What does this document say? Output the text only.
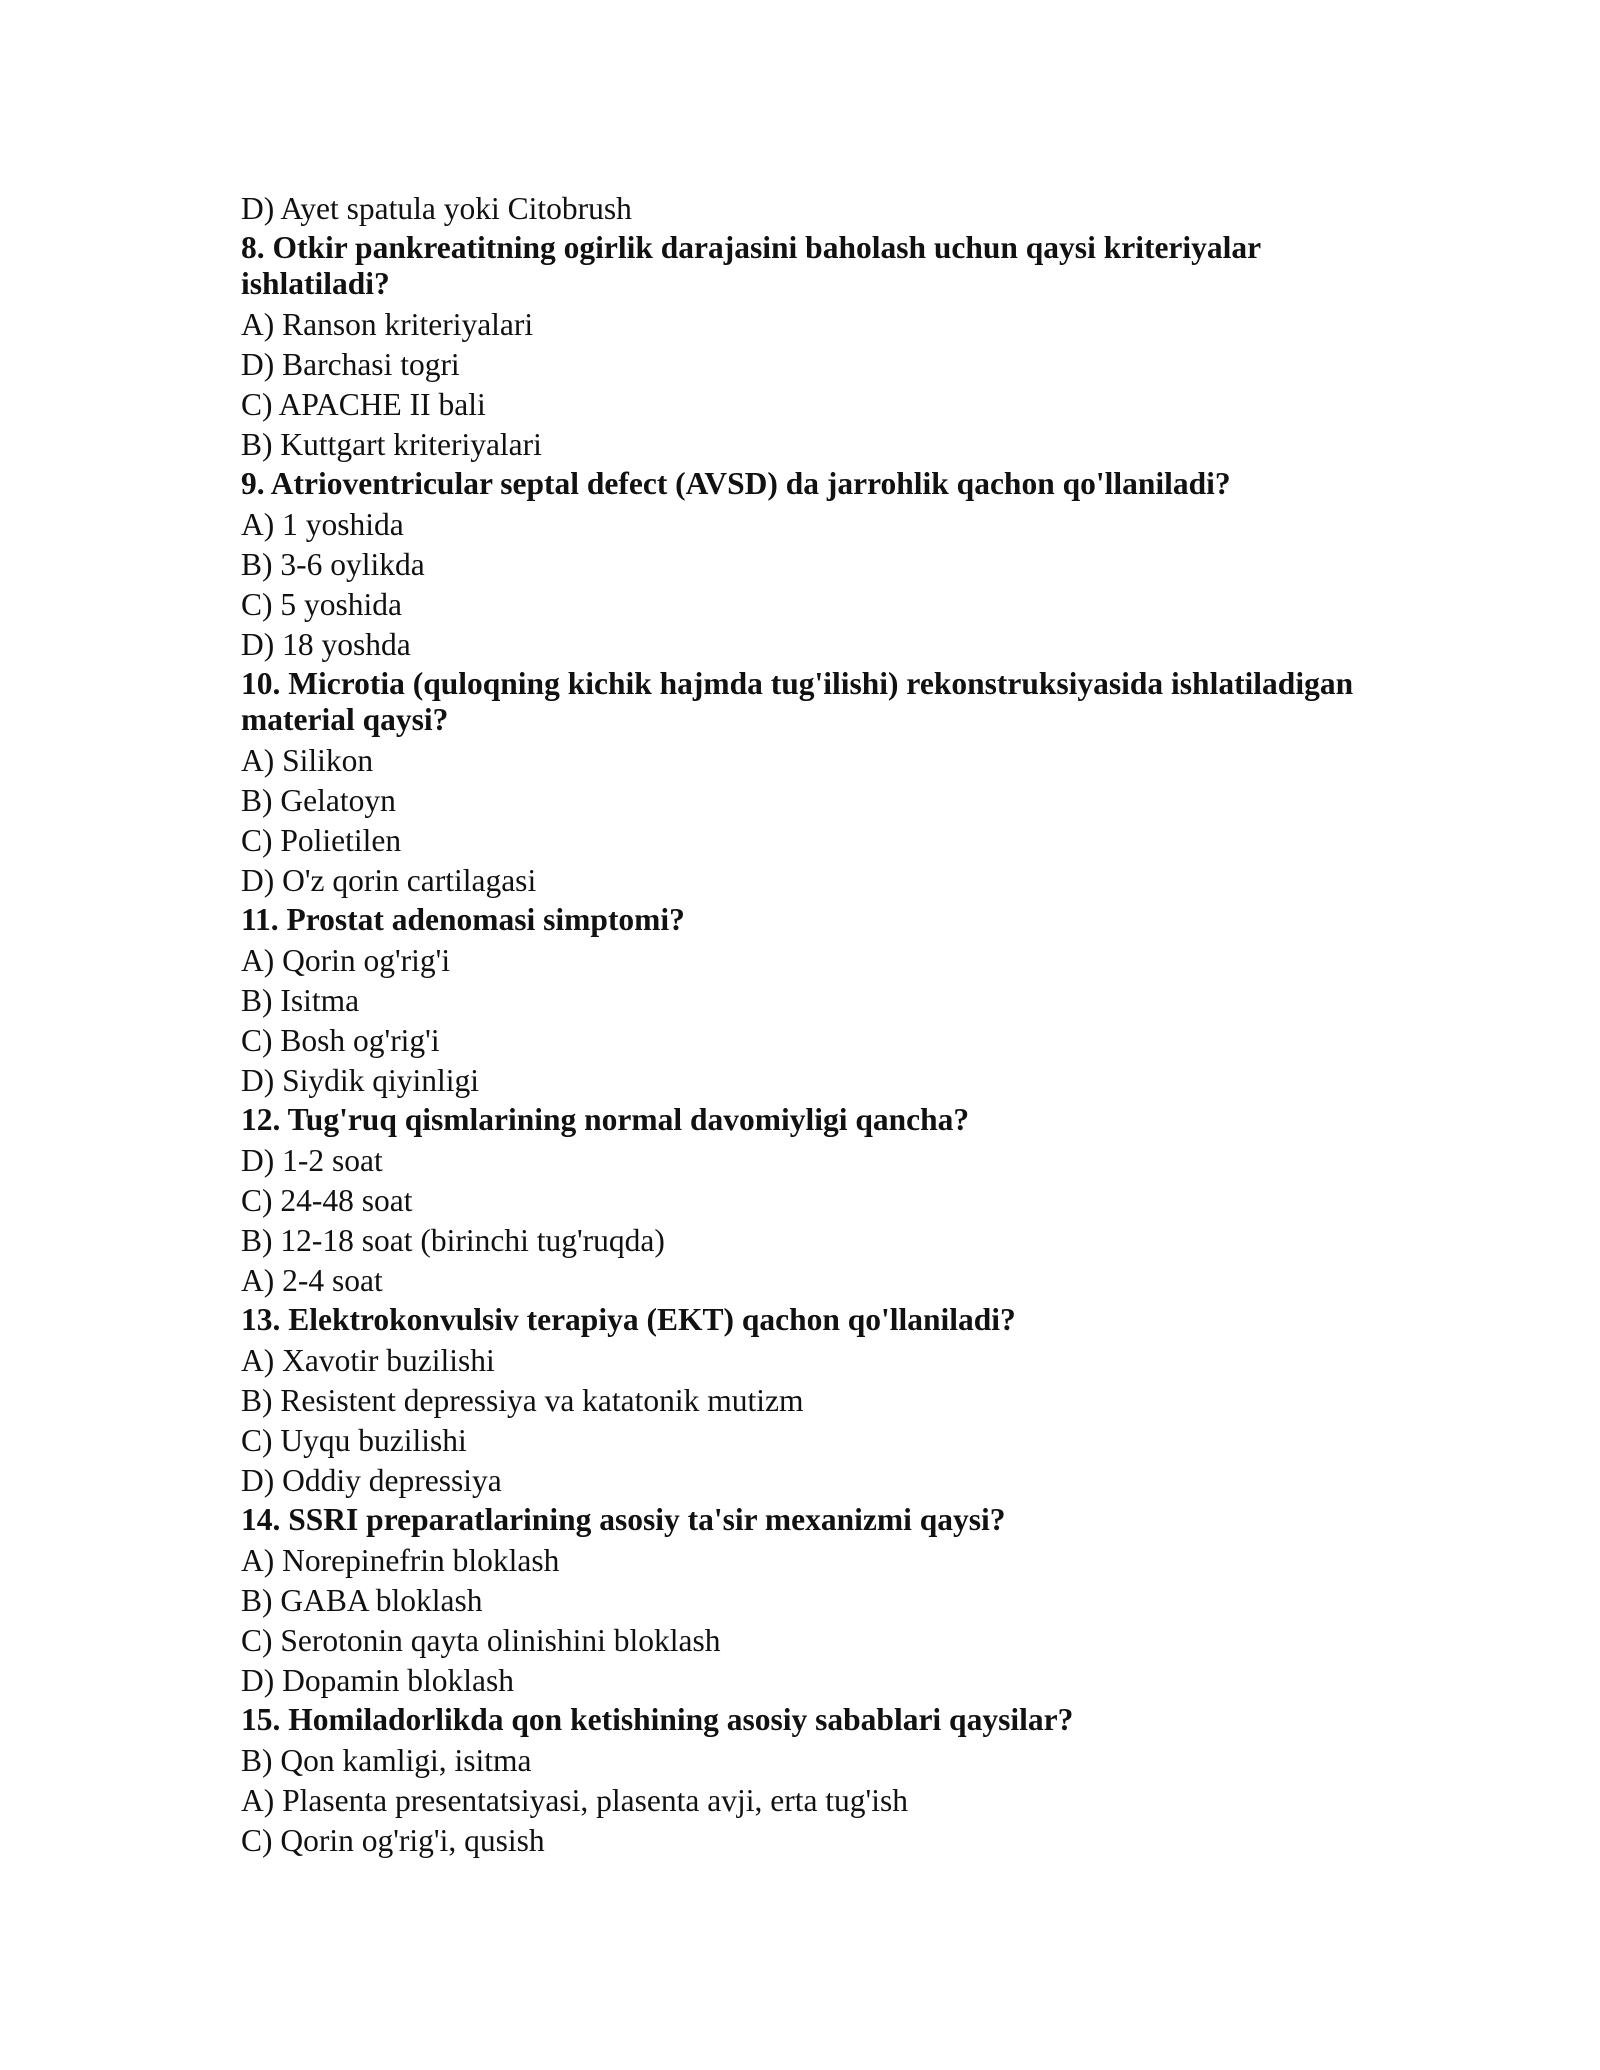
D) Ayet spatula yoki Citobrush

8. Otkir pankreatitning ogirlik darajasini baholash uchun qaysi kriteriyalar ishlatiladi?

A) Ranson kriteriyalari

D) Barchasi togri

C) APACHE II bali

B) Kuttgart kriteriyalari

9. Atrioventricular septal defect (AVSD) da jarrohlik qachon qo'llaniladi?

A) 1 yoshida

B) 3-6 oylikda

C) 5 yoshida

D) 18 yoshda

10. Microtia (quloqning kichik hajmda tug'ilishi) rekonstruksiyasida ishlatiladigan material qaysi?

A) Silikon

B) Gelatoyn

C) Polietilen

D) O'z qorin cartilagasi

11. Prostat adenomasi simptomi?

A) Qorin og'rig'i

B) Isitma

C) Bosh og'rig'i

D) Siydik qiyinligi

12. Tug'ruq qismlarining normal davomiyligi qancha?

D) 1-2 soat

C) 24-48 soat

B) 12-18 soat (birinchi tug'ruqda)

A) 2-4 soat

13. Elektrokonvulsiv terapiya (EKT) qachon qo'llaniladi?

A) Xavotir buzilishi

B) Resistent depressiya va katatonik mutizm

C) Uyqu buzilishi

D) Oddiy depressiya

14. SSRI preparatlarining asosiy ta'sir mexanizmi qaysi?

A) Norepinefrin bloklash

B) GABA bloklash

C) Serotonin qayta olinishini bloklash

D) Dopamin bloklash

15. Homiladorlikda qon ketishining asosiy sabablari qaysilar?

B) Qon kamligi, isitma

A) Plasenta presentatsiyasi, plasenta avji, erta tug'ish

C) Qorin og'rig'i, qusish
